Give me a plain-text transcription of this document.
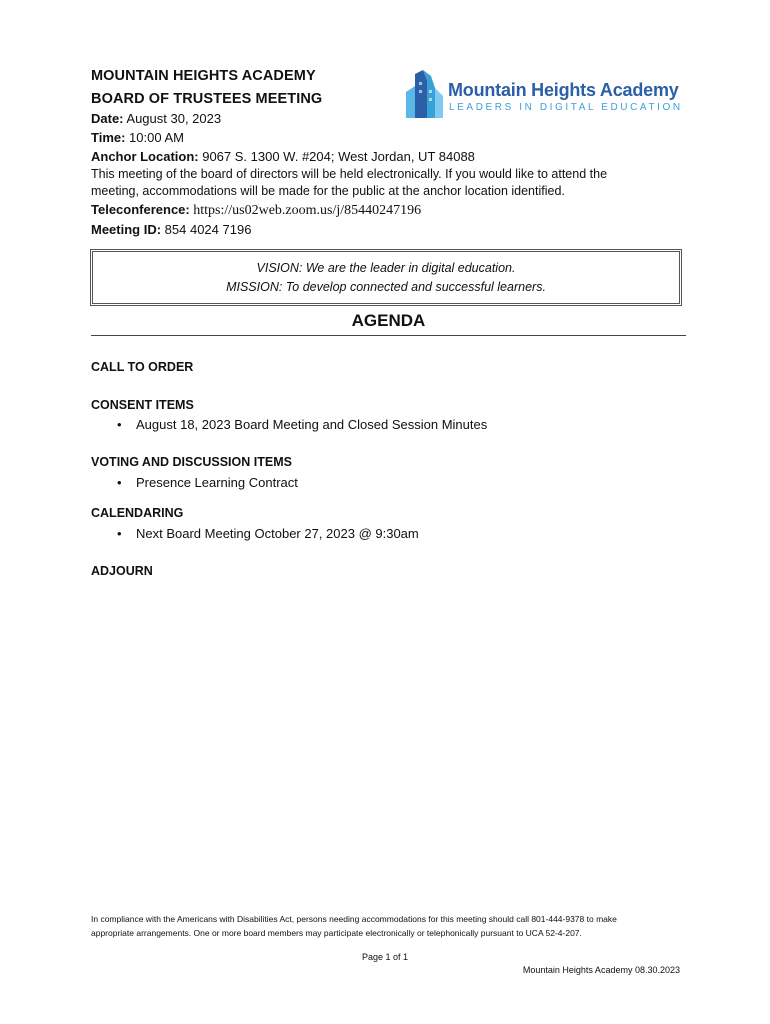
MOUNTAIN HEIGHTS ACADEMY
BOARD OF TRUSTEES MEETING	Mountain Heights Academy
LEADERS IN DIGITAL EDUCATION
Date: August 30, 2023
Time: 10:00 AM
Anchor Location: 9067 S. 1300 W. #204; West Jordan, UT 84088
This meeting of the board of directors will be held electronically. If you would like to attend the
meeting, accommodations will be made for the public at the anchor location identified.
Teleconference: https://us02web.zoom.us/j/85440247196
Meeting ID: 854 4024 7196
VISION: We are the leader in digital education.
MISSION: To develop connected and successful learners.
AGENDA
CALL TO ORDER
CONSENT ITEMS
• August 18, 2023 Board Meeting and Closed Session Minutes
VOTING AND DISCUSSION ITEMS
• Presence Learning Contract
CALENDARING
• Next Board Meeting October 27, 2023 @ 9:30am
ADJOURN
In compliance with the Americans with Disabilities Act, persons needing accommodations for this meeting should call 801-444-9378 to make
appropriate arrangements. One or more board members may participate electronically or telephonically pursuant to UCA 52-4-207.
Page 1 of 1
Mountain Heights Academy 08.30.2023
